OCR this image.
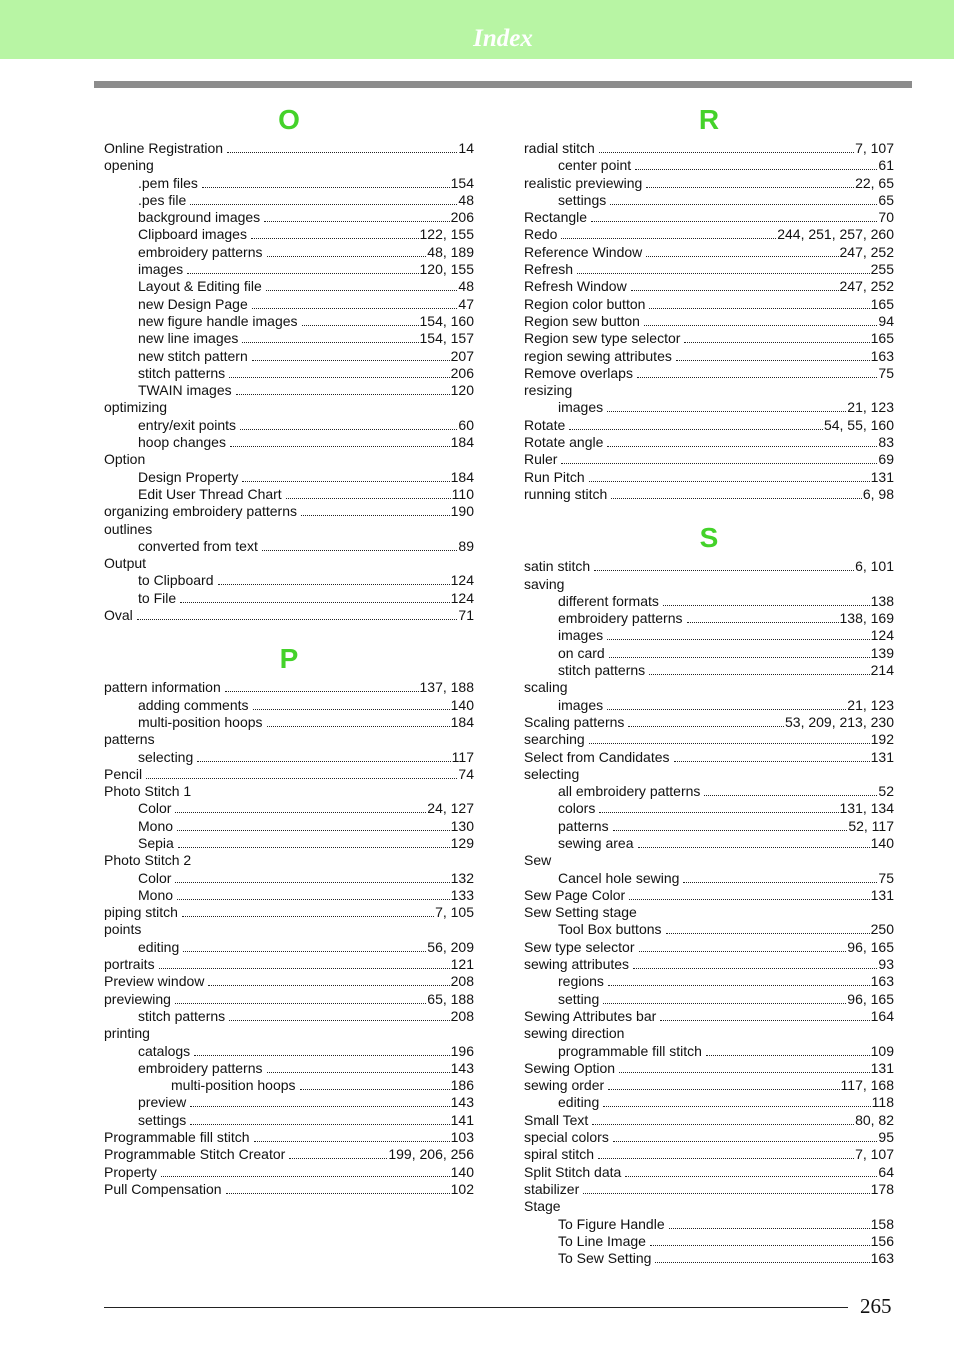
Index
O
Online Registration	14
opening
.pem files	154
.pes file	48
background images	206
Clipboard images	122, 155
embroidery patterns	48, 189
images	120, 155
Layout & Editing file	48
new Design Page	47
new figure handle images	154, 160
new line images	154, 157
new stitch pattern	207
stitch patterns	206
TWAIN images	120
optimizing
entry/exit points	60
hoop changes	184
Option
Design Property	184
Edit User Thread Chart	110
organizing embroidery patterns	190
outlines
converted from text	89
Output
to Clipboard	124
to File	124
Oval	71
P
pattern information	137, 188
adding comments	140
multi-position hoops	184
patterns
selecting	117
Pencil	74
Photo Stitch 1
Color	24, 127
Mono	130
Sepia	129
Photo Stitch 2
Color	132
Mono	133
piping stitch	7, 105
points
editing	56, 209
portraits	121
Preview window	208
previewing	65, 188
stitch patterns	208
printing
catalogs	196
embroidery patterns	143
multi-position hoops	186
preview	143
settings	141
Programmable fill stitch	103
Programmable Stitch Creator	199, 206, 256
Property	140
Pull Compensation	102
R
radial stitch	7, 107
center point	61
realistic previewing	22, 65
settings	65
Rectangle	70
Redo	244, 251, 257, 260
Reference Window	247, 252
Refresh	255
Refresh Window	247, 252
Region color button	165
Region sew button	94
Region sew type selector	165
region sewing attributes	163
Remove overlaps	75
resizing
images	21, 123
Rotate	54, 55, 160
Rotate angle	83
Ruler	69
Run Pitch	131
running stitch	6, 98
S
satin stitch	6, 101
saving
different formats	138
embroidery patterns	138, 169
images	124
on card	139
stitch patterns	214
scaling
images	21, 123
Scaling patterns	53, 209, 213, 230
searching	192
Select from Candidates	131
selecting
all embroidery patterns	52
colors	131, 134
patterns	52, 117
sewing area	140
Sew
Cancel hole sewing	75
Sew Page Color	131
Sew Setting stage
Tool Box buttons	250
Sew type selector	96, 165
sewing attributes	93
regions	163
setting	96, 165
Sewing Attributes bar	164
sewing direction
programmable fill stitch	109
Sewing Option	131
sewing order	117, 168
editing	118
Small Text	80, 82
special colors	95
spiral stitch	7, 107
Split Stitch data	64
stabilizer	178
Stage
To Figure Handle	158
To Line Image	156
To Sew Setting	163
265
